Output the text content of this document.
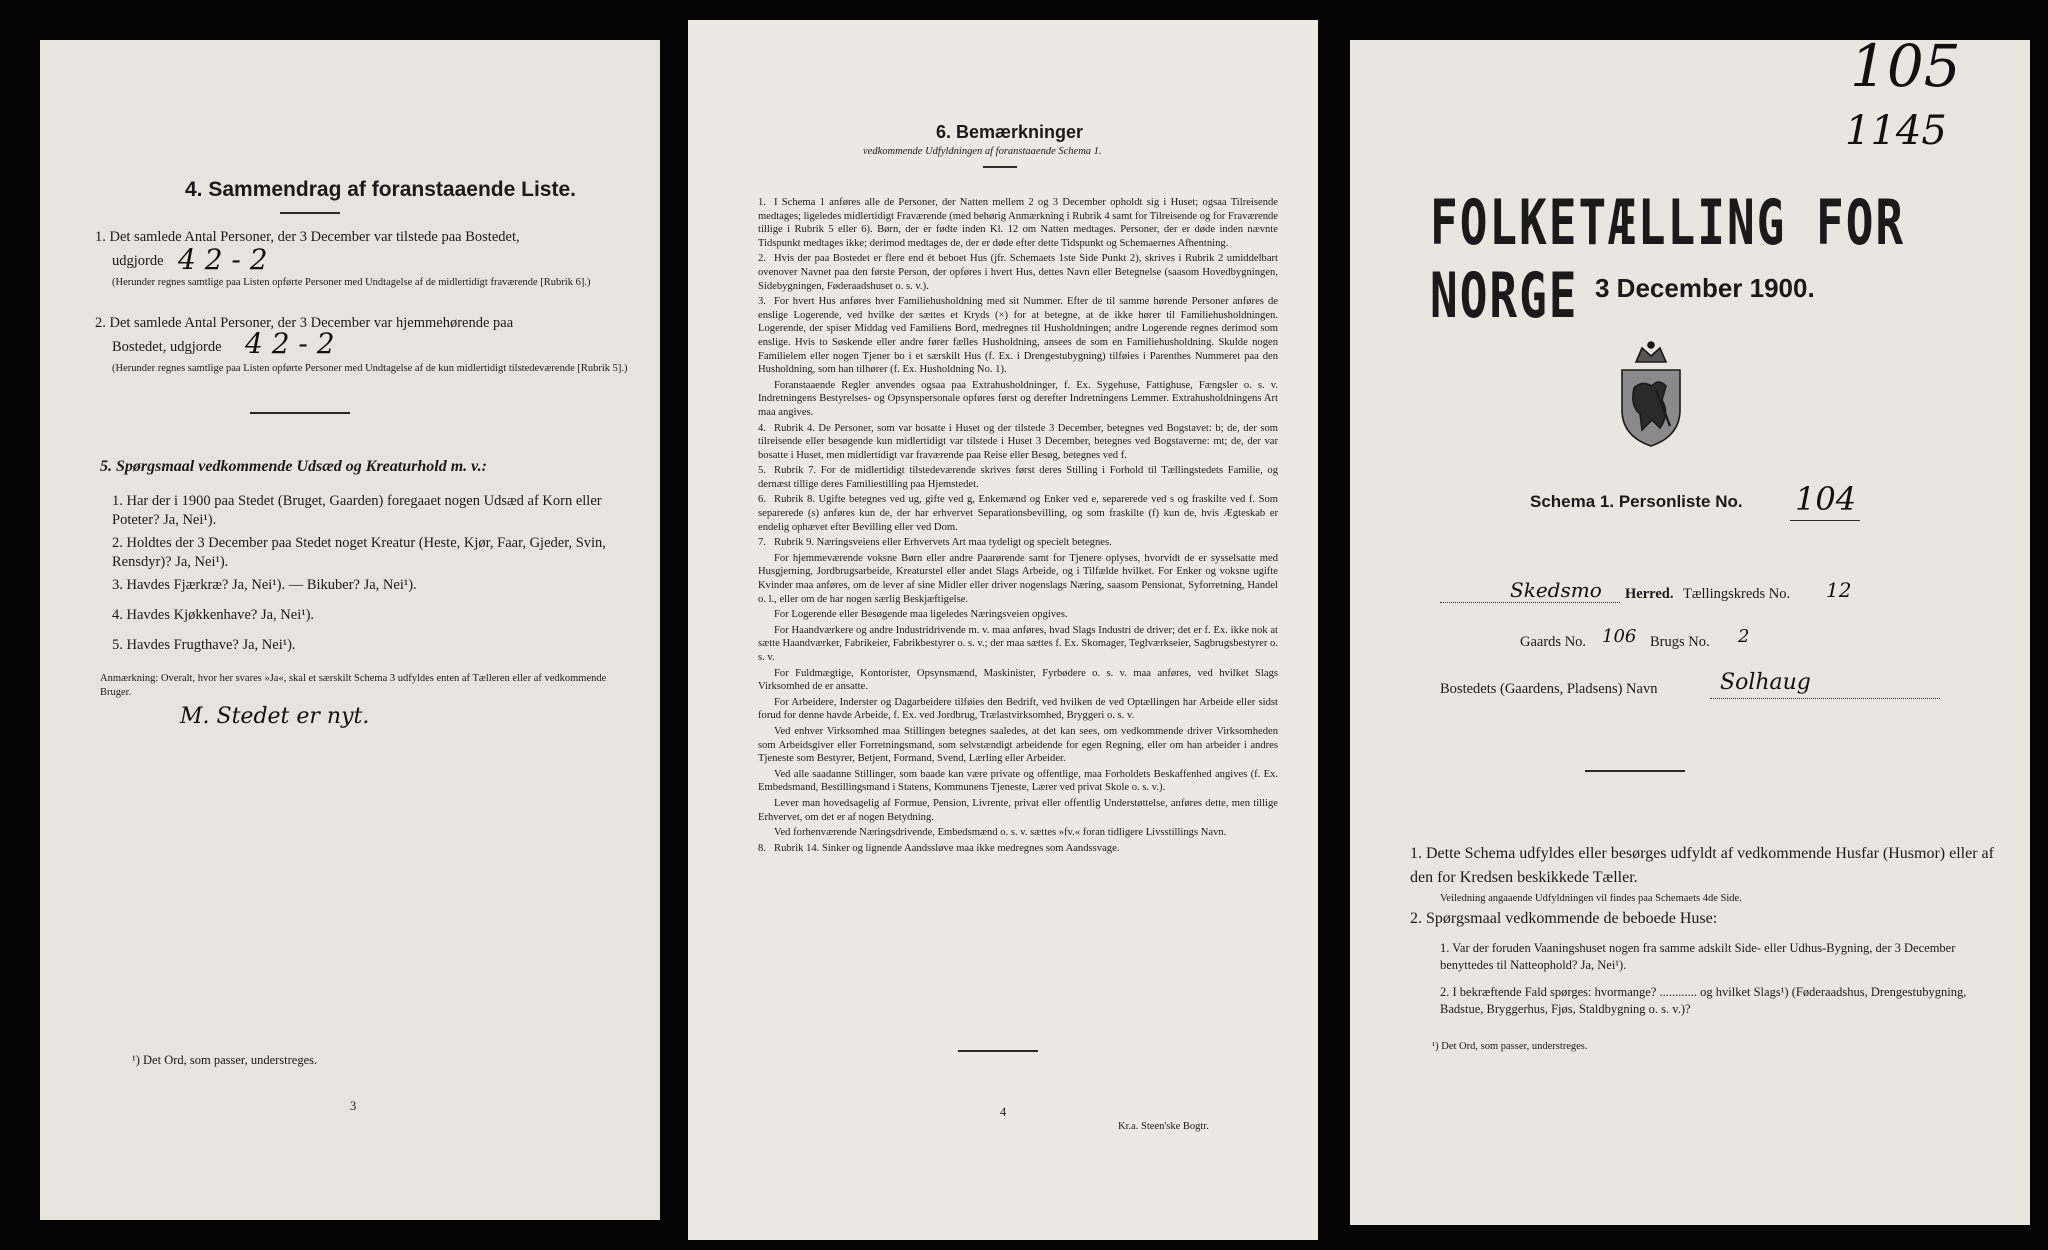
4. Sammendrag af foranstaaende Liste.
1. Det samlede Antal Personer, der 3 December var tilstede paa Bostedet,
udgjorde 4 2 - 2
(Herunder regnes samtlige paa Listen opførte Personer med Undtagelse af de midlertidigt fraværende [Rubrik 6].)
2. Det samlede Antal Personer, der 3 December var hjemmehørende paa
Bostedet, udgjorde 4 2 - 2
(Herunder regnes samtlige paa Listen opførte Personer med Undtagelse af de kun midlertidigt tilstedeværende [Rubrik 5].)
5. Spørgsmaal vedkommende Udsæd og Kreaturhold m. v.:
1. Har der i 1900 paa Stedet (Bruget, Gaarden) foregaaet nogen Udsæd af Korn eller Poteter? Ja, Nei¹).
2. Holdtes der 3 December paa Stedet noget Kreatur (Heste, Kjør, Faar, Gjeder, Svin, Rensdyr)? Ja, Nei¹).
3. Havdes Fjærkræ? Ja, Nei¹). — Bikuber? Ja, Nei¹).
4. Havdes Kjøkkenhave? Ja, Nei¹).
5. Havdes Frugthave? Ja, Nei¹).
Anmærkning: Overalt, hvor her svares »Ja«, skal et særskilt Schema 3 udfyldes enten af Tælleren eller af vedkommende Bruger.
M. Stedet er nyt.
¹) Det Ord, som passer, understreges.
3
6. Bemærkninger
vedkommende Udfyldningen af foranstaaende Schema 1.
1. I Schema 1 anføres alle de Personer, der Natten mellem 2 og 3 December opholdt sig i Huset; ogsaa Tilreisende medtages; ligeledes midlertidigt Fraværende (med behørig Anmærkning i Rubrik 4 samt for Tilreisende og for Fraværende tillige i Rubrik 5 eller 6). Børn, der er fødte inden Kl. 12 om Natten medtages. Personer, der er døde inden nævnte Tidspunkt medtages ikke; derimod medtages de, der er døde efter dette Tidspunkt og Schemaernes Afhentning.
2. Hvis der paa Bostedet er flere end ét beboet Hus (jfr. Schemaets 1ste Side Punkt 2), skrives i Rubrik 2 umiddelbart ovenover Navnet paa den første Person, der opføres i hvert Hus, dettes Navn eller Betegnelse (saasom Hovedbygningen, Sidebygningen, Føderaadshuset o. s. v.).
3. For hvert Hus anføres hver Familiehusholdning med sit Nummer. Efter de til samme hørende Personer anføres de enslige Logerende, ved hvilke der sættes et Kryds (×) for at betegne, at de ikke hører til Familiehusholdningen. Logerende, der spiser Middag ved Familiens Bord, medregnes til Husholdningen; andre Logerende regnes derimod som enslige. Hvis to Søskende eller andre fører fælles Husholdning, ansees de som en Familiehusholdning. Skulde nogen Familielem eller nogen Tjener bo i et særskilt Hus (f. Ex. i Drengestubygning) tilføies i Parenthes Nummeret paa den Husholdning, som han tilhører (f. Ex. Husholdning No. 1).
Foranstaaende Regler anvendes ogsaa paa Extrahusholdninger, f. Ex. Sygehuse, Fattighuse, Fængsler o. s. v. Indretningens Bestyrelses- og Opsynspersonale opføres først og derefter Indretningens Lemmer. Extrahusholdningens Art maa angives.
4. Rubrik 4. De Personer, som var bosatte i Huset og der tilstede 3 December, betegnes ved Bogstavet: b; de, der som tilreisende eller besøgende kun midlertidigt var tilstede i Huset 3 December, betegnes ved Bogstaverne: mt; de, der var bosatte i Huset, men midlertidigt var fraværende paa Reise eller Besøg, betegnes ved f.
5. Rubrik 7. For de midlertidigt tilstedeværende skrives først deres Stilling i Forhold til Tællingstedets Familie, og dernæst tillige deres Familiestilling paa Hjemstedet.
6. Rubrik 8. Ugifte betegnes ved ug, gifte ved g, Enkemænd og Enker ved e, separerede ved s og fraskilte ved f. Som separerede (s) anføres kun de, der har erhvervet Separationsbevilling, og som fraskilte (f) kun de, hvis Ægteskab er endelig ophævet efter Bevilling eller ved Dom.
7. Rubrik 9. Næringsveiens eller Erhvervets Art maa tydeligt og specielt betegnes.
For hjemmeværende voksne Børn eller andre Paarørende samt for Tjenere oplyses, hvorvidt de er sysselsatte med Husgjerning, Jordbrugsarbeide, Kreaturstel eller andet Slags Arbeide, og i Tilfælde hvilket. For Enker og voksne ugifte Kvinder maa anføres, om de lever af sine Midler eller driver nogenslags Næring, saasom Pensionat, Syforretning, Handel o. l., eller om de har nogen særlig Beskjæftigelse.
For Logerende eller Besøgende maa ligeledes Næringsveien opgives.
For Haandværkere og andre Industridrivende m. v. maa anføres, hvad Slags Industri de driver; det er f. Ex. ikke nok at sætte Haandværker, Fabrikeier, Fabrikbestyrer o. s. v.; der maa sættes f. Ex. Skomager, Teglværkseier, Sagbrugsbestyrer o. s. v.
For Fuldmægtige, Kontorister, Opsynsmænd, Maskinister, Fyrbødere o. s. v. maa anføres, ved hvilket Slags Virksomhed de er ansatte.
For Arbeidere, Inderster og Dagarbeidere tilføies den Bedrift, ved hvilken de ved Optællingen har Arbeide eller sidst forud for denne havde Arbeide, f. Ex. ved Jordbrug, Trælastvirksomhed, Bryggeri o. s. v.
Ved enhver Virksomhed maa Stillingen betegnes saaledes, at det kan sees, om vedkommende driver Virksomheden som Arbeidsgiver eller Forretningsmand, som selvstændigt arbeidende for egen Regning, eller om han arbeider i andres Tjeneste som Bestyrer, Betjent, Formand, Svend, Lærling eller Arbeider.
Ved alle saadanne Stillinger, som baade kan være private og offentlige, maa Forholdets Beskaffenhed angives (f. Ex. Embedsmand, Bestillingsmand i Statens, Kommunens Tjeneste, Lærer ved privat Skole o. s. v.).
Lever man hovedsagelig af Formue, Pension, Livrente, privat eller offentlig Understøttelse, anføres dette, men tillige Erhvervet, om det er af nogen Betydning.
Ved forhenværende Næringsdrivende, Embedsmænd o. s. v. sættes »fv.« foran tidligere Livsstillings Navn.
8. Rubrik 14. Sinker og lignende Aandssløve maa ikke medregnes som Aandssvage.
4
Kr.a. Steen'ske Bogtr.
105
1145
FOLKETÆLLING FOR NORGE 3 December 1900.
Schema 1. Personliste No. 104
Skedsmo Herred. Tællingskreds No. 12
Gaards No. 106 Brugs No. 2
Bostedets (Gaardens, Pladsens) Navn	Solhaug
1. Dette Schema udfyldes eller besørges udfyldt af vedkommende Husfar (Husmor) eller af den for Kredsen beskikkede Tæller.
Veiledning angaaende Udfyldningen vil findes paa Schemaets 4de Side.
2. Spørgsmaal vedkommende de beboede Huse:
1. Var der foruden Vaaningshuset nogen fra samme adskilt Side- eller Udhus-Bygning, der 3 December benyttedes til Natteophold? Ja, Nei¹).
2. I bekræftende Fald spørges: hvormange? ............ og hvilket Slags¹) (Føderaadshus, Drengestubygning, Badstue, Bryggerhus, Fjøs, Staldbygning o. s. v.)?
¹) Det Ord, som passer, understreges.
